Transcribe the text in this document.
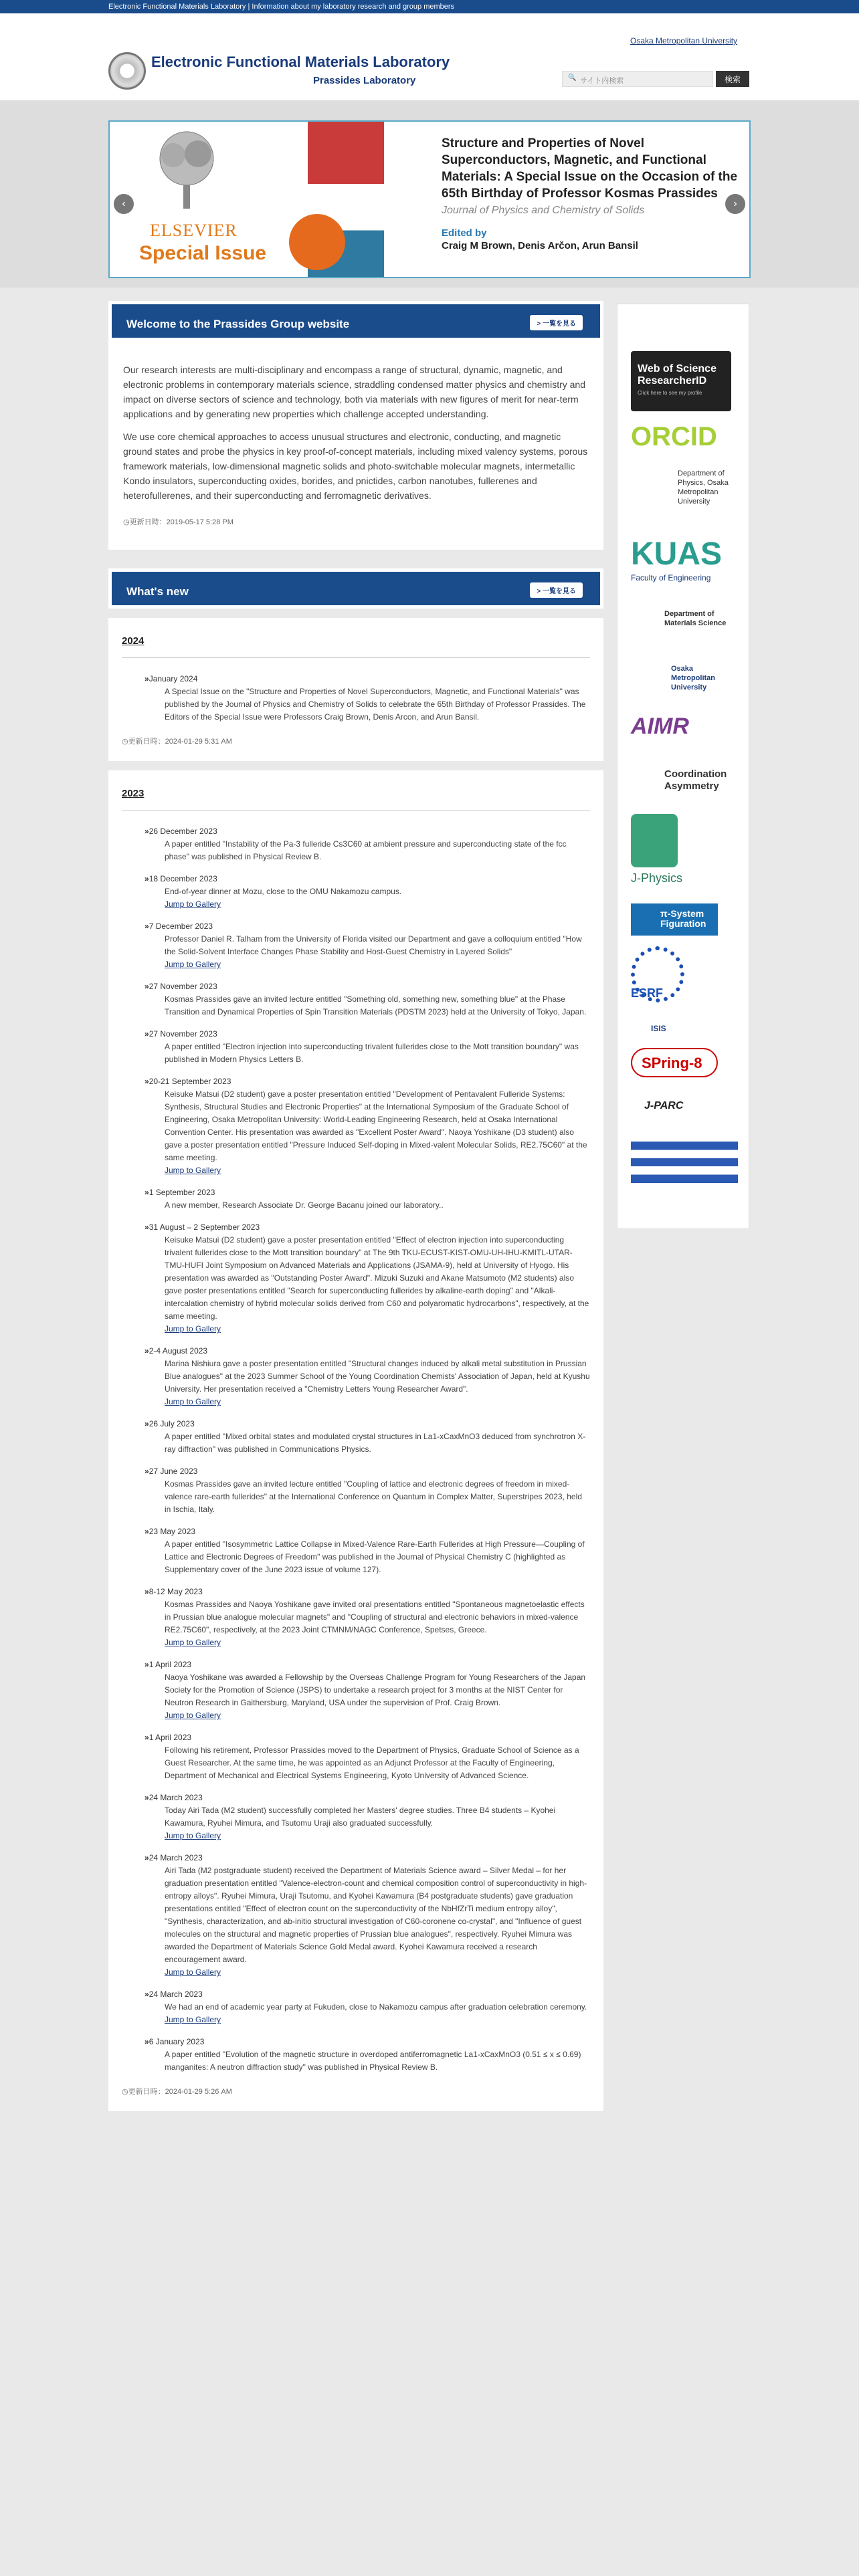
Electronic Functional Materials Laboratory | Information about my laboratory research and group members
Electronic Functional Materials Laboratory
Prassides Laboratory
Osaka Metropolitan University
🔍 サイト内検索	検索
ELSEVIER
Special Issue
Structure and Properties of Novel Superconductors, Magnetic, and Functional Materials: A Special Issue on the Occasion of the 65th Birthday of Professor Kosmas Prassides
Journal of Physics and Chemistry of Solids
Edited by
Craig M Brown, Denis Arčon, Arun Bansil
‹	›
Welcome to the Prassides Group website	> 一覧を見る

Our research interests are multi-disciplinary and encompass a range of structural, dynamic, magnetic, and electronic problems in contemporary materials science, straddling condensed matter physics and chemistry and impact on diverse sectors of science and technology, both via materials with new figures of merit for near-term applications and by generating new properties which challenge accepted understanding.

We use core chemical approaches to access unusual structures and electronic, conducting, and magnetic ground states and probe the physics in key proof-of-concept materials, including mixed valency systems, porous framework materials, low-dimensional magnetic solids and photo-switchable molecular magnets, intermetallic Kondo insulators, superconducting oxides, borides, and pnictides, carbon nanotubes, fullerenes and heterofullerenes, and their superconducting and ferromagnetic derivatives.

◷ 更新日時：2019-05-17 5:28 PM
What's new	> 一覧を見る
2024
» January 2024
A Special Issue on the "Structure and Properties of Novel Superconductors, Magnetic, and Functional Materials" was published by the Journal of Physics and Chemistry of Solids to celebrate the 65th Birthday of Professor Prassides. The Editors of the Special Issue were Professors Craig Brown, Denis Arcon, and Arun Bansil.
◷ 更新日時：2024-01-29 5:31 AM
2023
» 26 December 2023
A paper entitled "Instability of the Pa-3 fulleride Cs3C60 at ambient pressure and superconducting state of the fcc phase" was published in Physical Review B.
» 18 December 2023
End-of-year dinner at Mozu, close to the OMU Nakamozu campus.
Jump to Gallery
» 7 December 2023
Professor Daniel R. Talham from the University of Florida visited our Department and gave a colloquium entitled "How the Solid-Solvent Interface Changes Phase Stability and Host-Guest Chemistry in Layered Solids"
Jump to Gallery
» 27 November 2023
Kosmas Prassides gave an invited lecture entitled "Something old, something new, something blue" at the Phase Transition and Dynamical Properties of Spin Transition Materials (PDSTM 2023) held at the University of Tokyo, Japan.
» 27 November 2023
A paper entitled "Electron injection into superconducting trivalent fullerides close to the Mott transition boundary" was published in Modern Physics Letters B.
» 20-21 September 2023
Keisuke Matsui (D2 student) gave a poster presentation entitled "Development of Pentavalent Fulleride Systems: Synthesis, Structural Studies and Electronic Properties" at the International Symposium of the Graduate School of Engineering, Osaka Metropolitan University: World-Leading Engineering Research, held at Osaka International Convention Center. His presentation was awarded as "Excellent Poster Award". Naoya Yoshikane (D3 student) also gave a poster presentation entitled "Pressure Induced Self-doping in Mixed-valent Molecular Solids, RE2.75C60" at the same meeting.
Jump to Gallery
» 1 September 2023
A new member, Research Associate Dr. George Bacanu joined our laboratory..
» 31 August – 2 September 2023
Keisuke Matsui (D2 student) gave a poster presentation entitled "Effect of electron injection into superconducting trivalent fullerides close to the Mott transition boundary" at The 9th TKU-ECUST-KIST-OMU-UH-IHU-KMITL-UTAR-TMU-HUFI Joint Symposium on Advanced Materials and Applications (JSAMA-9), held at University of Hyogo. His presentation was awarded as "Outstanding Poster Award". Mizuki Suzuki and Akane Matsumoto (M2 students) also gave poster presentations entitled "Search for superconducting fullerides by alkaline-earth doping" and "Alkali-intercalation chemistry of hybrid molecular solids derived from C60 and polyaromatic hydrocarbons", respectively, at the same meeting.
Jump to Gallery
» 2-4 August 2023
Marina Nishiura gave a poster presentation entitled "Structural changes induced by alkali metal substitution in Prussian Blue analogues" at the 2023 Summer School of the Young Coordination Chemists' Association of Japan, held at Kyushu University. Her presentation received a "Chemistry Letters Young Researcher Award".
Jump to Gallery
» 26 July 2023
A paper entitled "Mixed orbital states and modulated crystal structures in La1-xCaxMnO3 deduced from synchrotron X-ray diffraction" was published in Communications Physics.
» 27 June 2023
Kosmas Prassides gave an invited lecture entitled "Coupling of lattice and electronic degrees of freedom in mixed-valence rare-earth fullerides" at the International Conference on Quantum in Complex Matter, Superstripes 2023, held in Ischia, Italy.
» 23 May 2023
A paper entitled "Isosymmetric Lattice Collapse in Mixed-Valence Rare-Earth Fullerides at High Pressure—Coupling of Lattice and Electronic Degrees of Freedom" was published in the Journal of Physical Chemistry C (highlighted as Supplementary cover of the June 2023 issue of volume 127).
» 8-12 May 2023
Kosmas Prassides and Naoya Yoshikane gave invited oral presentations entitled "Spontaneous magnetoelastic effects in Prussian blue analogue molecular magnets" and "Coupling of structural and electronic behaviors in mixed-valence RE2.75C60", respectively, at the 2023 Joint CTMNM/NAGC Conference, Spetses, Greece.
Jump to Gallery
» 1 April 2023
Naoya Yoshikane was awarded a Fellowship by the Overseas Challenge Program for Young Researchers of the Japan Society for the Promotion of Science (JSPS) to undertake a research project for 3 months at the NIST Center for Neutron Research in Gaithersburg, Maryland, USA under the supervision of Prof. Craig Brown.
Jump to Gallery
» 1 April 2023
Following his retirement, Professor Prassides moved to the Department of Physics, Graduate School of Science as a Guest Researcher. At the same time, he was appointed as an Adjunct Professor at the Faculty of Engineering, Department of Mechanical and Electrical Systems Engineering, Kyoto University of Advanced Science.
» 24 March 2023
Today Airi Tada (M2 student) successfully completed her Masters' degree studies. Three B4 students – Kyohei Kawamura, Ryuhei Mimura, and Tsutomu Uraji also graduated successfully.
Jump to Gallery
» 24 March 2023
Airi Tada (M2 postgraduate student) received the Department of Materials Science award – Silver Medal – for her graduation presentation entitled "Valence-electron-count and chemical composition control of superconductivity in high-entropy alloys". Ryuhei Mimura, Uraji Tsutomu, and Kyohei Kawamura (B4 postgraduate students) gave graduation presentations entitled "Effect of electron count on the superconductivity of the NbHfZrTi medium entropy alloy", "Synthesis, characterization, and ab-initio structural investigation of C60-coronene co-crystal", and "Influence of guest molecules on the structural and magnetic properties of Prussian blue analogues", respectively. Ryuhei Mimura was awarded the Department of Materials Science Gold Medal award. Kyohei Kawamura received a research encouragement award.
Jump to Gallery
» 24 March 2023
We had an end of academic year party at Fukuden, close to Nakamozu campus after graduation celebration ceremony.
Jump to Gallery
» 6 January 2023
A paper entitled "Evolution of the magnetic structure in overdoped antiferromagnetic La1-xCaxMnO3 (0.51 ≤ x ≤ 0.69) manganites: A neutron diffraction study" was published in Physical Review B.
◷ 更新日時：2024-01-29 5:26 AM
Web of Science ResearcherID
Click here to see my profile
ORCID
Department of Physics, Osaka Metropolitan University
KUAS
Faculty of Engineering
Department of Materials Science
Osaka Metropolitan University
AIMR
Coordination Asymmetry
J-Physics
π-System Figuration
ESRF
ISIS
SPring-8
J-PARC
